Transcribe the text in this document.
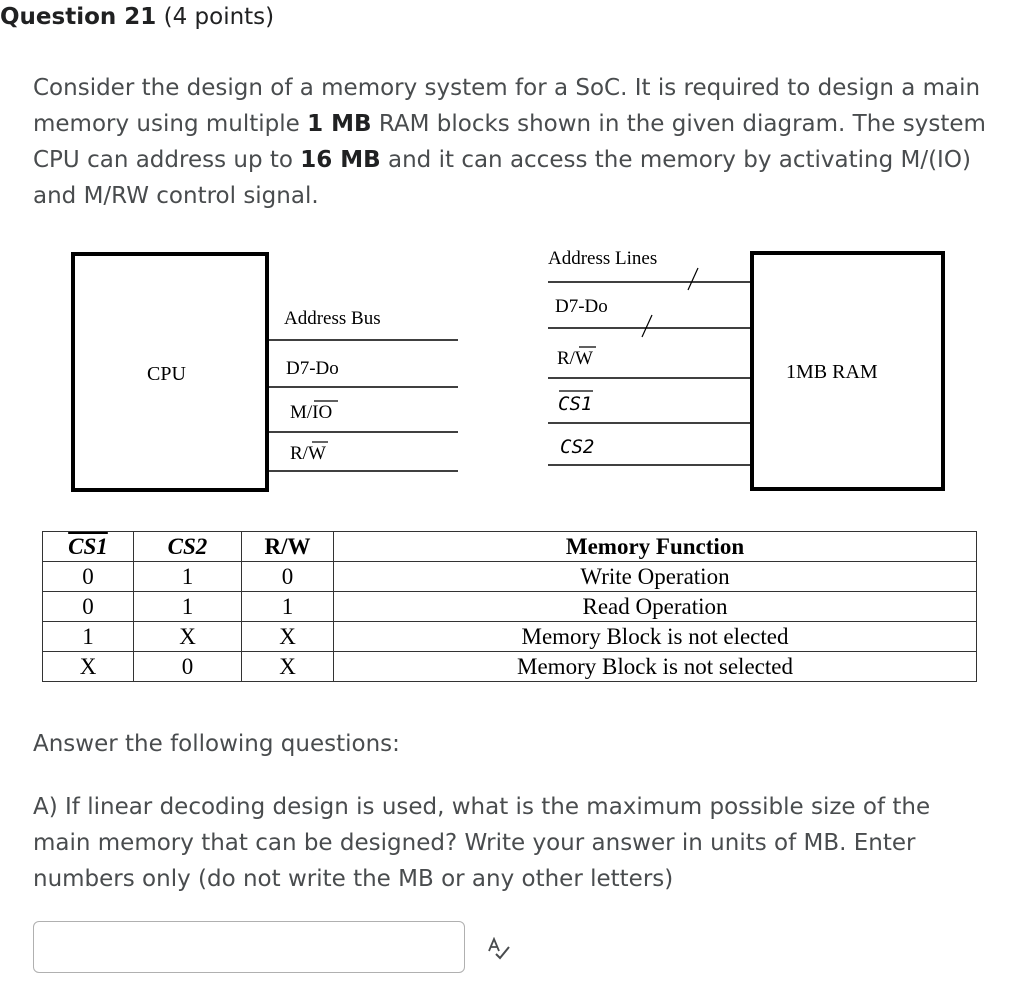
Question 21 (4 points)
Consider the design of a memory system for a SoC. It is required to design a main memory using multiple 1 MB RAM blocks shown in the given diagram. The system CPU can address up to 16 MB and it can access the memory by activating M/(IO) and M/RW control signal.
CPU
Address Bus
D7-Do
M/IO
R/W
Address Lines
D7-Do
R/W
CS1
CS2
1MB RAM
CS1	CS2	R/W	Memory Function
0	1	0	Write Operation
0	1	1	Read Operation
1	X	X	Memory Block is not elected
X	0	X	Memory Block is not selected
Answer the following questions:
A) If linear decoding design is used, what is the maximum possible size of the main memory that can be designed? Write your answer in units of MB. Enter numbers only (do not write the MB or any other letters)
